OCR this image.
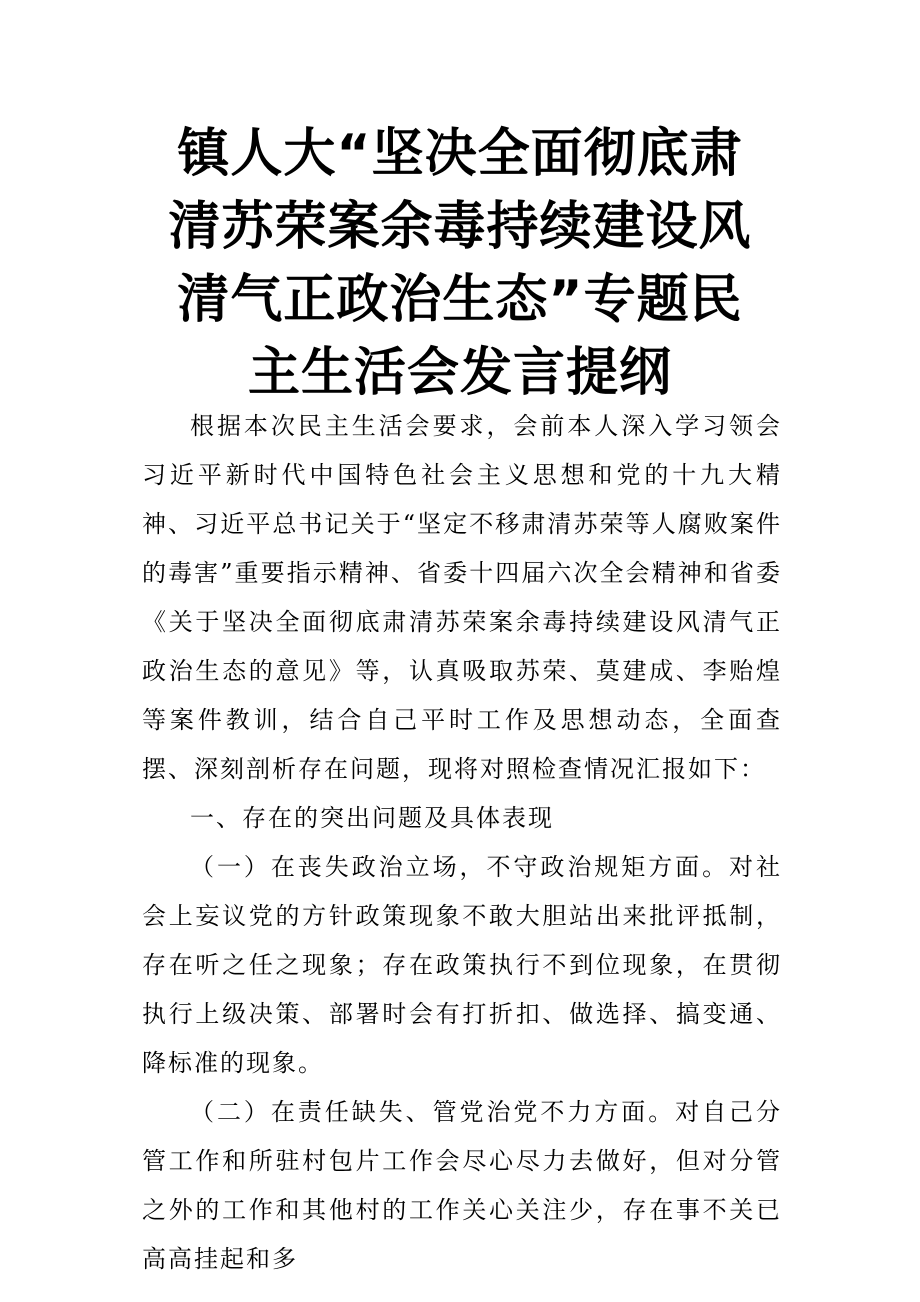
镇人大“坚决全面彻底肃
清苏荣案余毒持续建设风
清气正政治生态”专题民
主生活会发言提纲

根据本次民主生活会要求，会前本人深入学习领会习近平新时代中国特色社会主义思想和党的十九大精神、习近平总书记关于“坚定不移肃清苏荣等人腐败案件的毒害”重要指示精神、省委十四届六次全会精神和省委《关于坚决全面彻底肃清苏荣案余毒持续建设风清气正政治生态的意见》等，认真吸取苏荣、莫建成、李贻煌等案件教训，结合自己平时工作及思想动态，全面查摆、深刻剖析存在问题，现将对照检查情况汇报如下：

一、存在的突出问题及具体表现

（一）在丧失政治立场，不守政治规矩方面。对社会上妄议党的方针政策现象不敢大胆站出来批评抵制，存在听之任之现象；存在政策执行不到位现象，在贯彻执行上级决策、部署时会有打折扣、做选择、搞变通、降标准的现象。

（二）在责任缺失、管党治党不力方面。对自己分管工作和所驻村包片工作会尽心尽力去做好，但对分管之外的工作和其他村的工作关心关注少，存在事不关已高高挂起和多
